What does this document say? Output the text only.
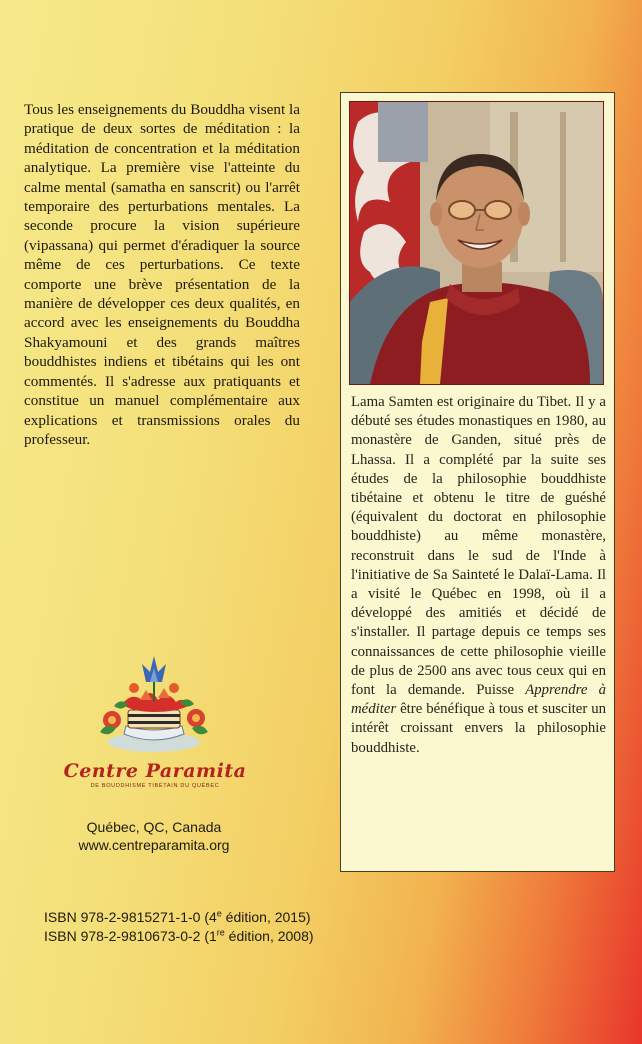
Tous les enseignements du Bouddha visent la pratique de deux sortes de méditation : la méditation de concentration et la méditation analytique. La première vise l'atteinte du calme mental (samatha en sanscrit) ou l'arrêt temporaire des perturbations mentales. La seconde procure la vision supérieure (vipassana) qui permet d'éradiquer la source même de ces perturbations. Ce texte comporte une brève présentation de la manière de développer ces deux qualités, en accord avec les enseignements du Bouddha Shakyamouni et des grands maîtres bouddhistes indiens et tibétains qui les ont commentés. Il s'adresse aux pratiquants et constitue un manuel complémentaire aux explications et transmissions orales du professeur.

Centre Paramita
DE BOUDDHISME TIBÉTAIN DU QUÉBEC
Québec, QC, Canada
www.centreparamita.org
ISBN 978-2-9815271-1-0 (4e édition, 2015)
ISBN 978-2-9810673-0-2 (1re édition, 2008)

Lama Samten est originaire du Tibet. Il y a débuté ses études monastiques en 1980, au monastère de Ganden, situé près de Lhassa. Il a complété par la suite ses études de la philosophie bouddhiste tibétaine et obtenu le titre de guéshé (équivalent du doctorat en philosophie bouddhiste) au même monastère, reconstruit dans le sud de l'Inde à l'initiative de Sa Sainteté le Dalaï-Lama. Il a visité le Québec en 1998, où il a développé des amitiés et décidé de s'installer. Il partage depuis ce temps ses connaissances de cette philosophie vieille de plus de 2500 ans avec tous ceux qui en font la demande. Puisse Apprendre à méditer être bénéfique à tous et susciter un intérêt croissant envers la philosophie bouddhiste.
